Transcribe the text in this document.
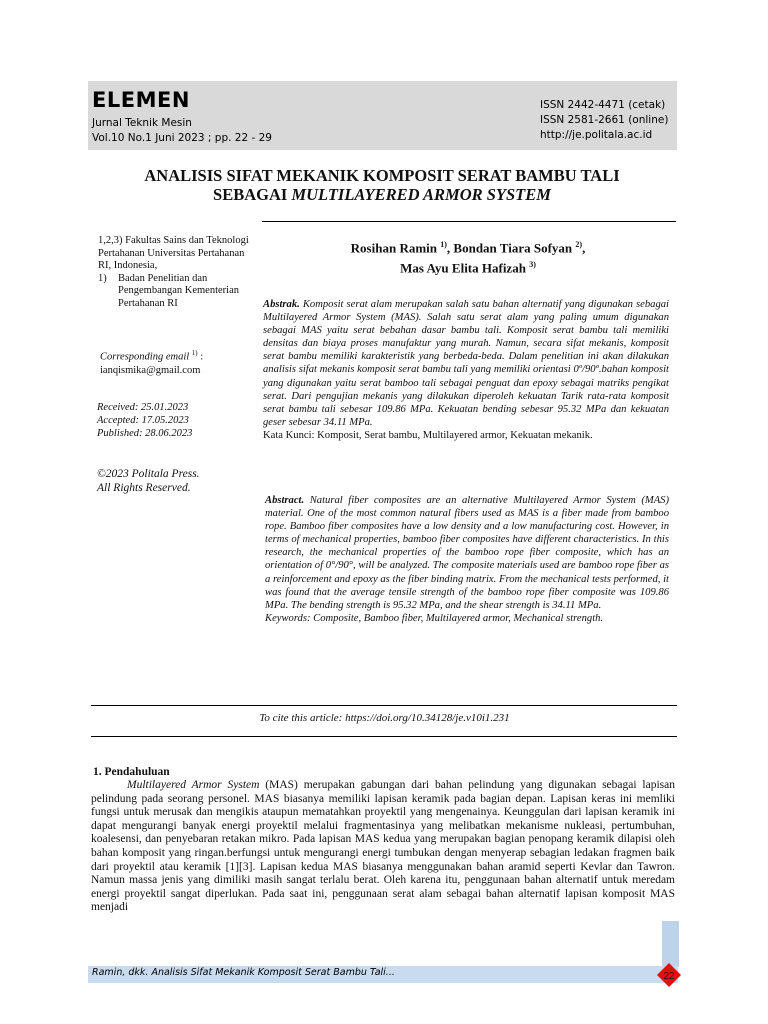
ELEMEN
Jurnal Teknik Mesin
Vol.10 No.1 Juni 2023 ; pp. 22 - 29
ISSN 2442-4471 (cetak)
ISSN 2581-2661 (online)
http://je.politala.ac.id
ANALISIS SIFAT MEKANIK KOMPOSIT SERAT BAMBU TALI
SEBAGAI MULTILAYERED ARMOR SYSTEM
Rosihan Ramin $^{1)}$, Bondan Tiara Sofyan $^{2)}$,
Mas Ayu Elita Hafizah $^{3)}$
1,2,3) Fakultas Sains dan Teknologi Pertahanan Universitas Pertahanan RI, Indonesia,
1)	Badan Penelitian dan Pengembangan Kementerian Pertahanan RI
Corresponding email $^{1)}$ :
ianqismika@gmail.com
Received: 25.01.2023
Accepted: 17.05.2023
Published: 28.06.2023
©2023 Politala Press.
All Rights Reserved.
Abstrak. Komposit serat alam merupakan salah satu bahan alternatif yang digunakan sebagai Multilayered Armor System (MAS). Salah satu serat alam yang paling umum digunakan sebagai MAS yaitu serat bebahan dasar bambu tali. Komposit serat bambu tali memiliki densitas dan biaya proses manufaktur yang murah. Namun, secara sifat mekanis, komposit serat bambu memiliki karakteristik yang berbeda-beda. Dalam penelitian ini akan dilakukan analisis sifat mekanis komposit serat bambu tali yang memiliki orientasi 0º/90º.bahan komposit yang digunakan yaitu serat bamboo tali sebagai penguat dan epoxy sebagai matriks pengikat serat. Dari pengujian mekanis yang dilakukan diperoleh kekuatan Tarik rata-rata komposit serat bambu tali sebesar 109.86 MPa. Kekuatan bending sebesar 95.32 MPa dan kekuatan geser sebesar 34.11 MPa.
Kata Kunci: Komposit, Serat bambu, Multilayered armor, Kekuatan mekanik.
Abstract. Natural fiber composites are an alternative Multilayered Armor System (MAS) material. One of the most common natural fibers used as MAS is a fiber made from bamboo rope. Bamboo fiber composites have a low density and a low manufacturing cost. However, in terms of mechanical properties, bamboo fiber composites have different characteristics. In this research, the mechanical properties of the bamboo rope fiber composite, which has an orientation of 0°/90°, will be analyzed. The composite materials used are bamboo rope fiber as a reinforcement and epoxy as the fiber binding matrix. From the mechanical tests performed, it was found that the average tensile strength of the bamboo rope fiber composite was 109.86 MPa. The bending strength is 95.32 MPa, and the shear strength is 34.11 MPa.
Keywords: Composite, Bamboo fiber, Multilayered armor, Mechanical strength.
To cite this article: https://doi.org/10.34128/je.v10i1.231
1. Pendahuluan
Multilayered Armor System (MAS) merupakan gabungan dari bahan pelindung yang digunakan sebagai lapisan pelindung pada seorang personel. MAS biasanya memiliki lapisan keramik pada bagian depan. Lapisan keras ini memliki fungsi untuk merusak dan mengikis ataupun mematahkan proyektil yang mengenainya. Keunggulan dari lapisan keramik ini dapat mengurangi banyak energi proyektil melalui fragmentasinya yang melibatkan mekanisme nukleasi, pertumbuhan, koalesensi, dan penyebaran retakan mikro. Pada lapisan MAS kedua yang merupakan bagian penopang keramik dilapisi oleh bahan komposit yang ringan.berfungsi untuk mengurangi energi tumbukan dengan menyerap sebagian ledakan fragmen baik dari proyektil atau keramik [1][3]. Lapisan kedua MAS biasanya menggunakan bahan aramid seperti Kevlar dan Tawron. Namun massa jenis yang dimiliki masih sangat terlalu berat. Oleh karena itu, penggunaan bahan alternatif untuk meredam energi proyektil sangat diperlukan. Pada saat ini, penggunaan serat alam sebagai bahan alternatif lapisan komposit MAS menjadi
Ramin, dkk. Analisis Sifat Mekanik Komposit Serat Bambu Tali...	22
